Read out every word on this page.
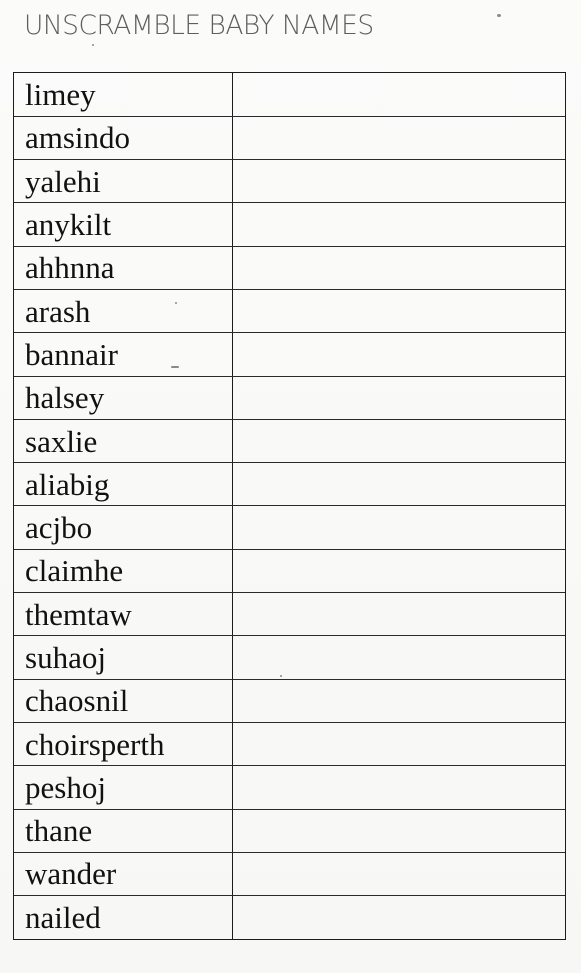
UNSCRAMBLE BABY NAMES
limey	
amsindo	
yalehi	
anykilt	
ahhnna	
arash	
bannair	
halsey	
saxlie	
aliabig	
acjbo	
claimhe	
themtaw	
suhaoj	
chaosnil	
choirsperth	
peshoj	
thane	
wander	
nailed	
